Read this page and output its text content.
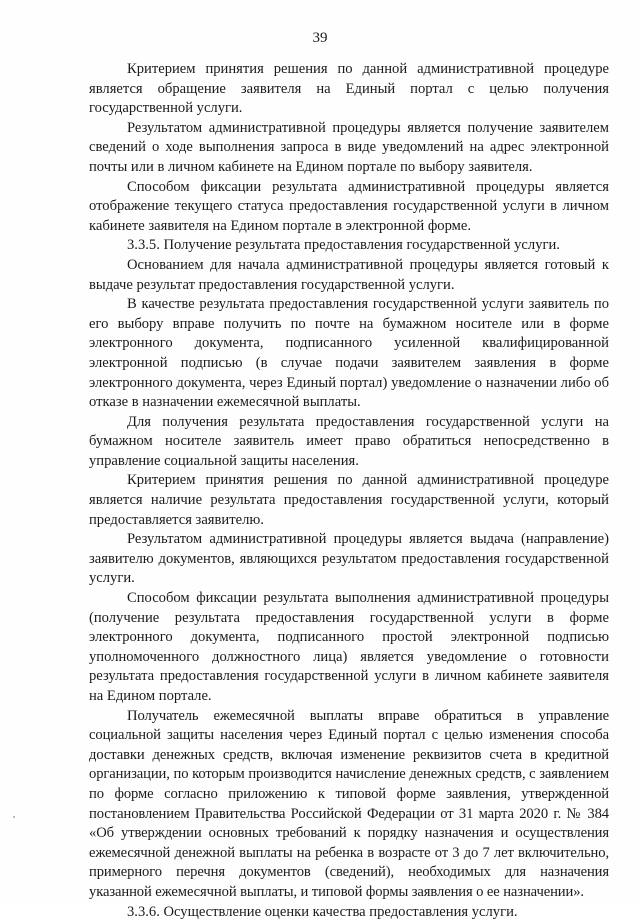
39

Критерием принятия решения по данной административной процедуре является обращение заявителя на Единый портал с целью получения государственной услуги.

Результатом административной процедуры является получение заявителем сведений о ходе выполнения запроса в виде уведомлений на адрес электронной почты или в личном кабинете на Едином портале по выбору заявителя.

Способом фиксации результата административной процедуры является отображение текущего статуса предоставления государственной услуги в личном кабинете заявителя на Едином портале в электронной форме.

3.3.5. Получение результата предоставления государственной услуги.

Основанием для начала административной процедуры является готовый к выдаче результат предоставления государственной услуги.

В качестве результата предоставления государственной услуги заявитель по его выбору вправе получить по почте на бумажном носителе или в форме электронного документа, подписанного усиленной квалифицированной электронной подписью (в случае подачи заявителем заявления в форме электронного документа, через Единый портал) уведомление о назначении либо об отказе в назначении ежемесячной выплаты.

Для получения результата предоставления государственной услуги на бумажном носителе заявитель имеет право обратиться непосредственно в управление социальной защиты населения.

Критерием принятия решения по данной административной процедуре является наличие результата предоставления государственной услуги, который предоставляется заявителю.

Результатом административной процедуры является выдача (направление) заявителю документов, являющихся результатом предоставления государственной услуги.

Способом фиксации результата выполнения административной процедуры (получение результата предоставления государственной услуги в форме электронного документа, подписанного простой электронной подписью уполномоченного должностного лица) является уведомление о готовности результата предоставления государственной услуги в личном кабинете заявителя на Едином портале.

Получатель ежемесячной выплаты вправе обратиться в управление социальной защиты населения через Единый портал с целью изменения способа доставки денежных средств, включая изменение реквизитов счета в кредитной организации, по которым производится начисление денежных средств, с заявлением по форме согласно приложению к типовой форме заявления, утвержденной постановлением Правительства Российской Федерации от 31 марта 2020 г. № 384 «Об утверждении основных требований к порядку назначения и осуществления ежемесячной денежной выплаты на ребенка в возрасте от 3 до 7 лет включительно, примерного перечня документов (сведений), необходимых для назначения указанной ежемесячной выплаты, и типовой формы заявления о ее назначении».

3.3.6. Осуществление оценки качества предоставления услуги.
